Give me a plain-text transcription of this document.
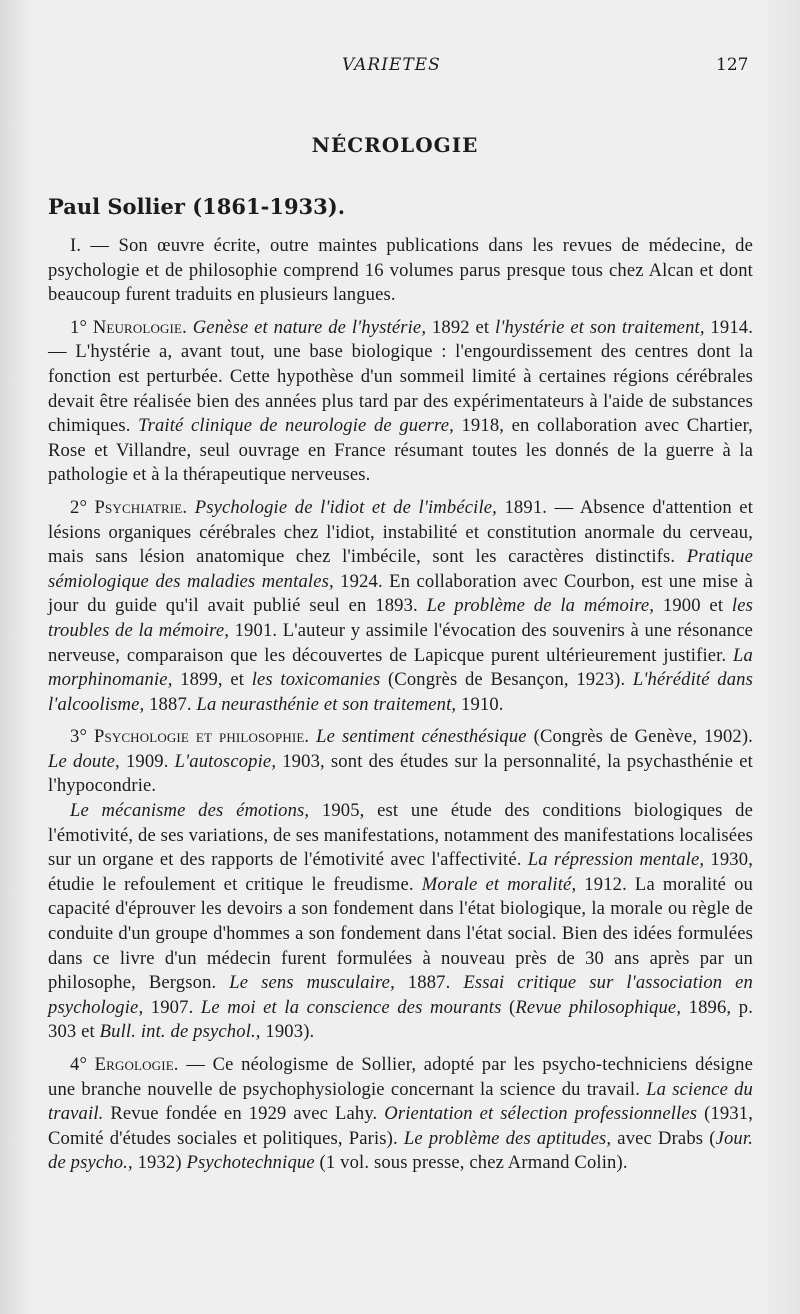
VARIETES	127
NÉCROLOGIE
Paul Sollier (1861-1933).

I. — Son œuvre écrite, outre maintes publications dans les revues de médecine, de psychologie et de philosophie comprend 16 volumes parus presque tous chez Alcan et dont beaucoup furent traduits en plusieurs langues.

1° Neurologie. Genèse et nature de l'hystérie, 1892 et l'hystérie et son traitement, 1914. — L'hystérie a, avant tout, une base biologique : l'engourdissement des centres dont la fonction est perturbée. Cette hypothèse d'un sommeil limité à certaines régions cérébrales devait être réalisée bien des années plus tard par des expérimentateurs à l'aide de substances chimiques. Traité clinique de neurologie de guerre, 1918, en collaboration avec Chartier, Rose et Villandre, seul ouvrage en France résumant toutes les donnés de la guerre à la pathologie et à la thérapeutique nerveuses.

2° Psychiatrie. Psychologie de l'idiot et de l'imbécile, 1891. — Absence d'attention et lésions organiques cérébrales chez l'idiot, instabilité et constitution anormale du cerveau, mais sans lésion anatomique chez l'imbécile, sont les caractères distinctifs. Pratique sémiologique des maladies mentales, 1924. En collaboration avec Courbon, est une mise à jour du guide qu'il avait publié seul en 1893. Le problème de la mémoire, 1900 et les troubles de la mémoire, 1901. L'auteur y assimile l'évocation des souvenirs à une résonance nerveuse, comparaison que les découvertes de Lapicque purent ultérieurement justifier. La morphinomanie, 1899, et les toxicomanies (Congrès de Besançon, 1923). L'hérédité dans l'alcoolisme, 1887. La neurasthénie et son traitement, 1910.

3° Psychologie et philosophie. Le sentiment cénesthésique (Congrès de Genève, 1902). Le doute, 1909. L'autoscopie, 1903, sont des études sur la personnalité, la psychasthénie et l'hypocondrie.

Le mécanisme des émotions, 1905, est une étude des conditions biologiques de l'émotivité, de ses variations, de ses manifestations, notamment des manifestations localisées sur un organe et des rapports de l'émotivité avec l'affectivité. La répression mentale, 1930, étudie le refoulement et critique le freudisme. Morale et moralité, 1912. La moralité ou capacité d'éprouver les devoirs a son fondement dans l'état biologique, la morale ou règle de conduite d'un groupe d'hommes a son fondement dans l'état social. Bien des idées formulées dans ce livre d'un médecin furent formulées à nouveau près de 30 ans après par un philosophe, Bergson. Le sens musculaire, 1887. Essai critique sur l'association en psychologie, 1907. Le moi et la conscience des mourants (Revue philosophique, 1896, p. 303 et Bull. int. de psychol., 1903).

4° Ergologie. — Ce néologisme de Sollier, adopté par les psycho-techniciens désigne une branche nouvelle de psychophysiologie concernant la science du travail. La science du travail. Revue fondée en 1929 avec Lahy. Orientation et sélection professionnelles (1931, Comité d'études sociales et politiques, Paris). Le problème des aptitudes, avec Drabs (Jour. de psycho., 1932) Psychotechnique (1 vol. sous presse, chez Armand Colin).
